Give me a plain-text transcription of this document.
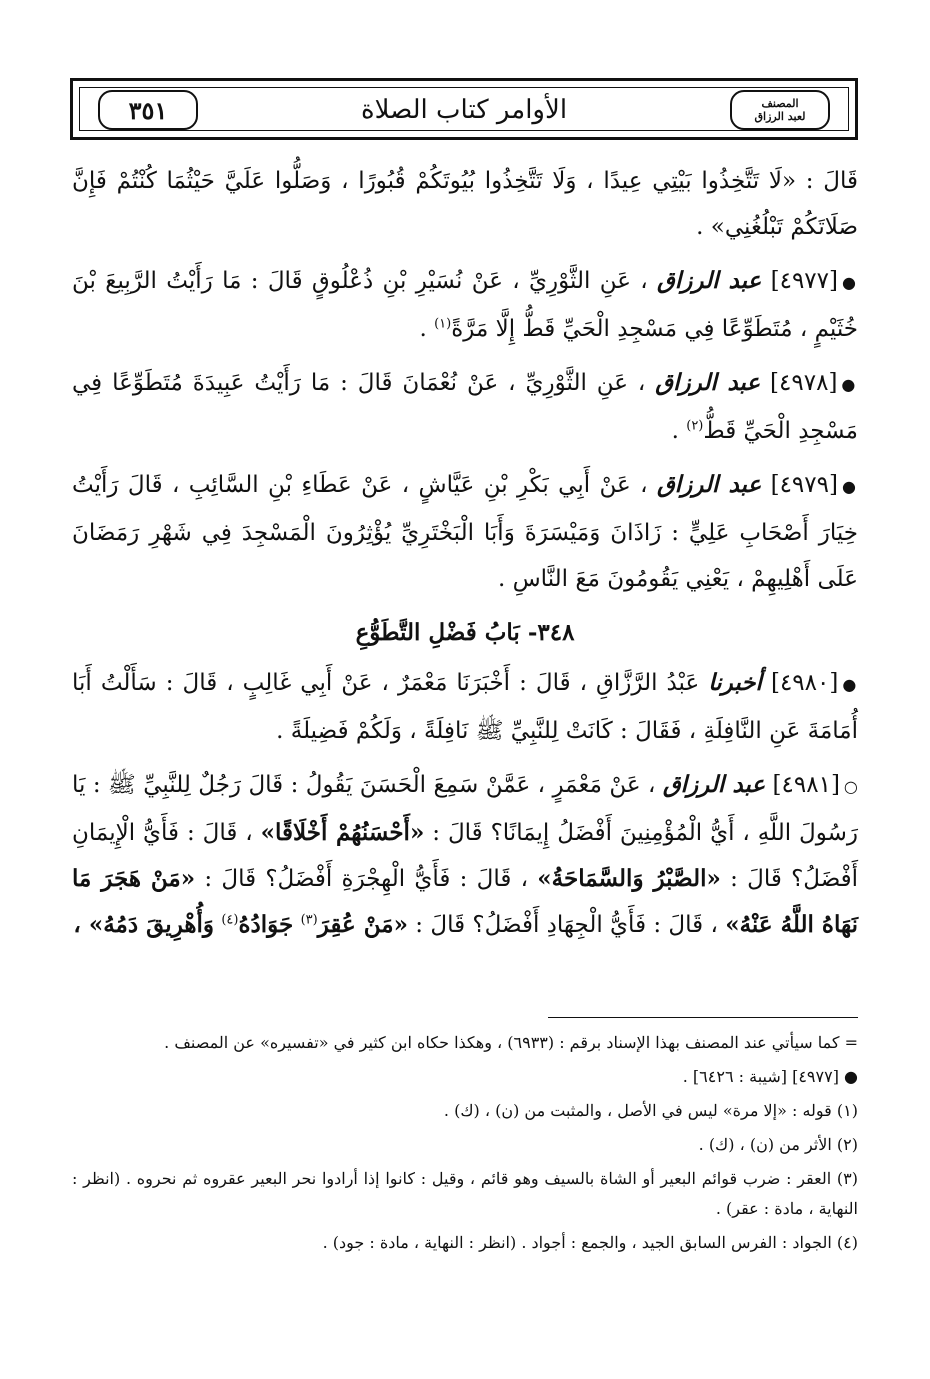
٣٥١	الأوامر كتاب الصلاة	المصنف
لعبد الرزاق

قَالَ : «لَا تَتَّخِذُوا بَيْتِي عِيدًا ، وَلَا تَتَّخِذُوا بُيُوتَكُمْ قُبُورًا ، وَصَلُّوا عَلَيَّ حَيْثُمَا كُنْتُمْ فَإِنَّ صَلَاتَكُمْ تَبْلُغُنِي» .

●[٤٩٧٧] عبد الرزاق ، عَنِ الثَّوْرِيِّ ، عَنْ نُسَيْرِ بْنِ ذُعْلُوقٍ قَالَ : مَا رَأَيْتُ الرَّبِيعَ بْنَ خُثَيْمٍ ، مُتَطَوِّعًا فِي مَسْجِدِ الْحَيِّ قَطُّ إِلَّا مَرَّةً$^{(١)}$ .

●[٤٩٧٨] عبد الرزاق ، عَنِ الثَّوْرِيِّ ، عَنْ نُعْمَانَ قَالَ : مَا رَأَيْتُ عَبِيدَةَ مُتَطَوِّعًا فِي مَسْجِدِ الْحَيِّ قَطُّ$^{(٢)}$ .

●[٤٩٧٩] عبد الرزاق ، عَنْ أَبِي بَكْرِ بْنِ عَيَّاشٍ ، عَنْ عَطَاءِ بْنِ السَّائِبِ ، قَالَ رَأَيْتُ خِيَارَ أَصْحَابِ عَلِيٍّ : زَاذَانَ وَمَيْسَرَةَ وَأَبَا الْبَخْتَرِيِّ يُؤْثِرُونَ الْمَسْجِدَ فِي شَهْرِ رَمَضَانَ عَلَى أَهْلِيهِمْ ، يَعْنِي يَقُومُونَ مَعَ النَّاسِ .

٣٤٨- بَابُ فَضْلِ التَّطَوُّعِ

●[٤٩٨٠] أخبرنا عَبْدُ الرَّزَّاقِ ، قَالَ : أَخْبَرَنَا مَعْمَرٌ ، عَنْ أَبِي غَالِبٍ ، قَالَ : سَأَلْتُ أَبَا أُمَامَةَ عَنِ النَّافِلَةِ ، فَقَالَ : كَانَتْ لِلنَّبِيِّ ﷺ نَافِلَةً ، وَلَكُمْ فَضِيلَةً .

○[٤٩٨١] عبد الرزاق ، عَنْ مَعْمَرٍ ، عَمَّنْ سَمِعَ الْحَسَنَ يَقُولُ : قَالَ رَجُلٌ لِلنَّبِيِّ ﷺ : يَا رَسُولَ اللَّهِ ، أَيُّ الْمُؤْمِنِينَ أَفْضَلُ إِيمَانًا؟ قَالَ : «أَحْسَنُهُمْ أَخْلَاقًا» ، قَالَ : فَأَيُّ الْإِيمَانِ أَفْضَلُ؟ قَالَ : «الصَّبْرُ وَالسَّمَاحَةُ» ، قَالَ : فَأَيُّ الْهِجْرَةِ أَفْضَلُ؟ قَالَ : «مَنْ هَجَرَ مَا نَهَاهُ اللَّهُ عَنْهُ» ، قَالَ : فَأَيُّ الْجِهَادِ أَفْضَلُ؟ قَالَ : «مَنْ عُقِرَ$^{(٣)}$ جَوَادُهُ$^{(٤)}$ وَأُهْرِيقَ دَمُهُ» ،

= كما سيأتي عند المصنف بهذا الإسناد برقم : (٦٩٣٣) ، وهكذا حكاه ابن كثير في «تفسيره» عن المصنف .

● [٤٩٧٧] [شيبة : ٦٤٢٦] .

(١) قوله : «إلا مرة» ليس في الأصل ، والمثبت من (ن) ، (ك) .

(٢) الأثر من (ن) ، (ك) .

(٣) العقر : ضرب قوائم البعير أو الشاة بالسيف وهو قائم ، وقيل : كانوا إذا أرادوا نحر البعير عقروه ثم نحروه . (انظر : النهاية ، مادة : عقر) .

(٤) الجواد : الفرس السابق الجيد ، والجمع : أجواد . (انظر : النهاية ، مادة : جود) .
